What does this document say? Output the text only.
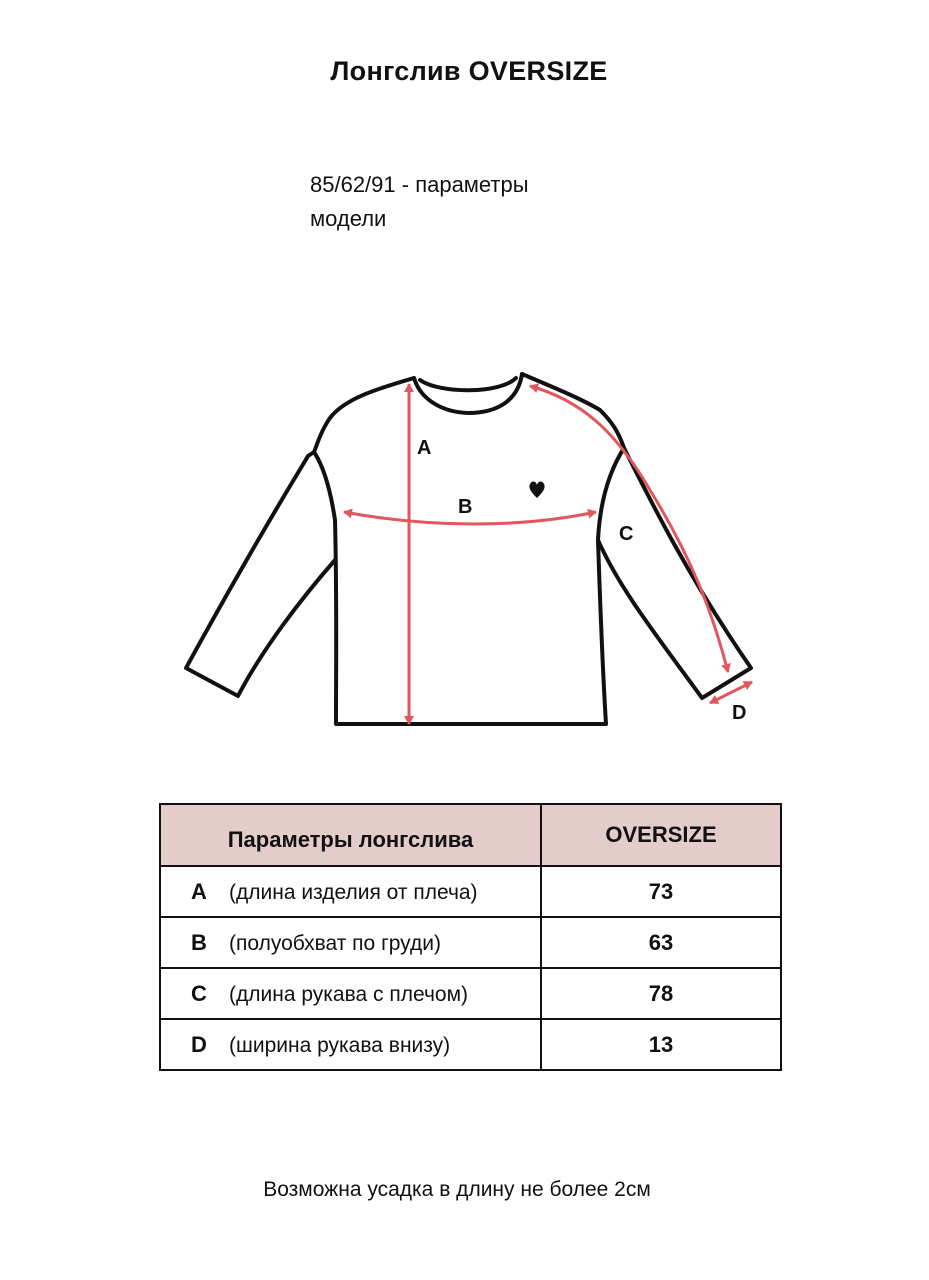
Лонгслив OVERSIZE
85/62/91 - параметры
модели
A
B
C
D
Параметры лонгслива	OVERSIZE
A (длина изделия от плеча)	73
B (полуобхват по груди)	63
C (длина рукава с плечом)	78
D (ширина рукава внизу)	13
Возможна усадка в длину не более 2см
